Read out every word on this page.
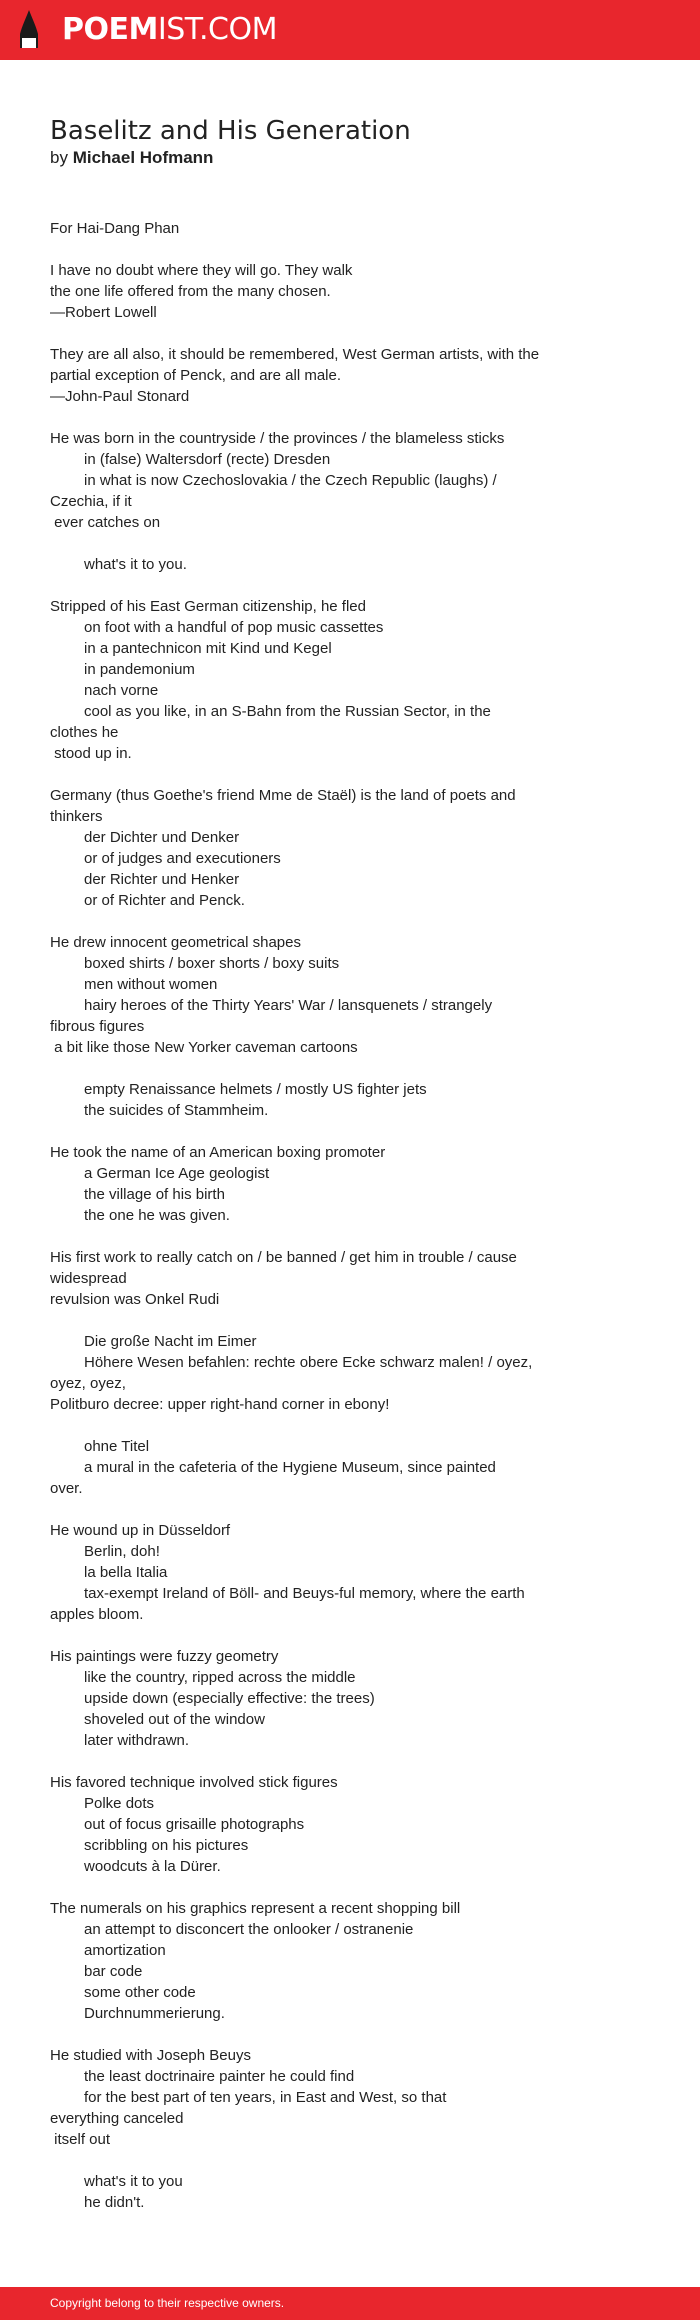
POEMIST.COM
Baselitz and His Generation
by Michael Hofmann
For Hai-Dang Phan
I have no doubt where they will go. They walk
the one life offered from the many chosen.
—Robert Lowell
They are all also, it should be remembered, West German artists, with the
partial exception of Penck, and are all male.
—John-Paul Stonard
He was born in the countryside / the provinces / the blameless sticks
in (false) Waltersdorf (recte) Dresden
in what is now Czechoslovakia / the Czech Republic (laughs) /
Czechia, if it
ever catches on
what's it to you.
Stripped of his East German citizenship, he fled
on foot with a handful of pop music cassettes
in a pantechnicon mit Kind und Kegel
in pandemonium
nach vorne
cool as you like, in an S-Bahn from the Russian Sector, in the
clothes he
stood up in.
Germany (thus Goethe's friend Mme de Staël) is the land of poets and
thinkers
der Dichter und Denker
or of judges and executioners
der Richter und Henker
or of Richter and Penck.
He drew innocent geometrical shapes
boxed shirts / boxer shorts / boxy suits
men without women
hairy heroes of the Thirty Years' War / lansquenets / strangely
fibrous figures
a bit like those New Yorker caveman cartoons
empty Renaissance helmets / mostly US fighter jets
the suicides of Stammheim.
He took the name of an American boxing promoter
a German Ice Age geologist
the village of his birth
the one he was given.
His first work to really catch on / be banned / get him in trouble / cause
widespread
revulsion was Onkel Rudi
Die große Nacht im Eimer
Höhere Wesen befahlen: rechte obere Ecke schwarz malen! / oyez,
oyez, oyez,
Politburo decree: upper right-hand corner in ebony!
ohne Titel
a mural in the cafeteria of the Hygiene Museum, since painted
over.
He wound up in Düsseldorf
Berlin, doh!
la bella Italia
tax-exempt Ireland of Böll- and Beuys-ful memory, where the earth
apples bloom.
His paintings were fuzzy geometry
like the country, ripped across the middle
upside down (especially effective: the trees)
shoveled out of the window
later withdrawn.
His favored technique involved stick figures
Polke dots
out of focus grisaille photographs
scribbling on his pictures
woodcuts à la Dürer.
The numerals on his graphics represent a recent shopping bill
an attempt to disconcert the onlooker / ostranenie
amortization
bar code
some other code
Durchnummerierung.
He studied with Joseph Beuys
the least doctrinaire painter he could find
for the best part of ten years, in East and West, so that
everything canceled
itself out
what's it to you
he didn't.
Copyright belong to their respective owners.
